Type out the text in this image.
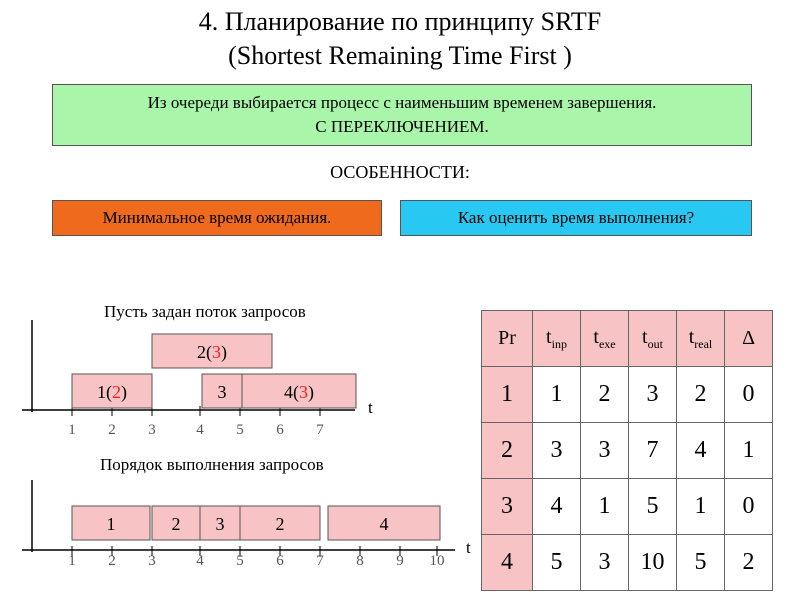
4. Планирование по принципу SRTF
(Shortest Remaining Time First )
Из очереди выбирается процесс с наименьшим временем завершения.
С ПЕРЕКЛЮЧЕНИЕМ.
ОСОБЕННОСТИ:
Минимальное время ожидания.	Как оценить время выполнения?
Пусть задан поток запросов
1 2 3	4 5 6 7
t
1(2)
2(3)
3	4(3)
1 2 3	4 5 6 7 8 9 10
t
1	2 3	2	4
Порядок выполнения запросов
Pr	$t_{inp}$	$t_{exe}$	$t_{out}$	$t_{real}$	Δ
1	1	2	3	2	0
2	3	3	7	4	1
3	4	1	5	1	0
4	5	3	10	5	2
